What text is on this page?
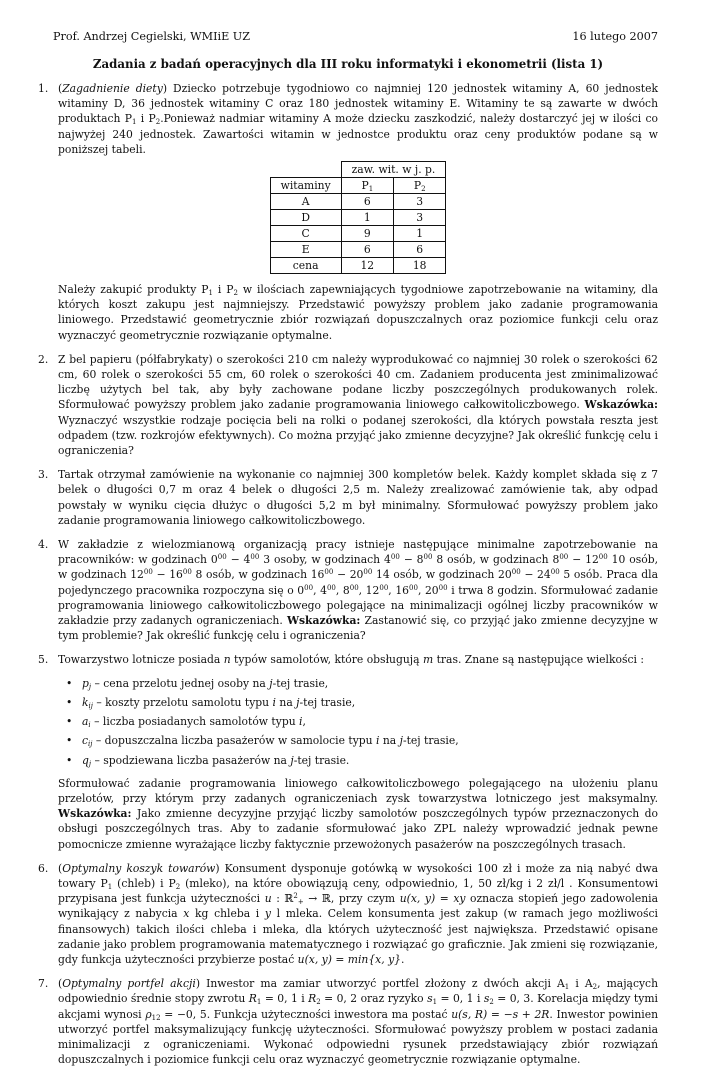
Prof. Andrzej Cegielski, WMIiE UZ	16 lutego 2007
Zadania z badań operacyjnych dla III roku informatyki i ekonometrii (lista 1)
1. (Zagadnienie diety) Dziecko potrzebuje tygodniowo co najmniej 120 jednostek witaminy A, 60 jednostek witaminy D, 36 jednostek witaminy C oraz 180 jednostek witaminy E. Witaminy te są zawarte w dwóch produktach $P_1$ i $P_2.Ponieważ$ nadmiar witaminy A może dziecku zaszkodzić, należy dostarczyć jej w ilości co najwyżej 240 jednostek. Zawartości witamin w jednostce produktu oraz ceny produktów podane są w poniższej tabeli.

	zaw. wit. w j. p.	
witaminy	$P_1$	$P_2$
A	6	3
D	1	3
C	9	1
E	6	6
cena	12	18

Należy zakupić produkty $P_1$ i $P_2$ w ilościach zapewniających tygodniowe zapotrzebowanie na witaminy, dla których koszt zakupu jest najmniejszy. Przedstawić powyższy problem jako zadanie programowania liniowego. Przedstawić geometrycznie zbiór rozwiązań dopuszczalnych oraz poziomice funkcji celu oraz wyznaczyć geometrycznie rozwiązanie optymalne.

2. Z bel papieru (półfabrykaty) o szerokości 210 cm należy wyprodukować co najmniej 30 rolek o szerokości 62 cm, 60 rolek o szerokości 55 cm, 60 rolek o szerokości 40 cm. Zadaniem producenta jest zminimalizować liczbę użytych bel tak, aby były zachowane podane liczby poszczególnych produkowanych rolek. Sformułować powyższy problem jako zadanie programowania liniowego całkowitoliczbowego. Wskazówka: Wyznaczyć wszystkie rodzaje pocięcia beli na rolki o podanej szerokości, dla których powstała reszta jest odpadem (tzw. rozkrojów efektywnych). Co można przyjąć jako zmienne decyzyjne? Jak określić funkcję celu i ograniczenia?

3. Tartak otrzymał zamówienie na wykonanie co najmniej 300 kompletów belek. Każdy komplet składa się z 7 belek o długości 0,7 m oraz 4 belek o długości 2,5 m. Należy zrealizować zamówienie tak, aby odpad powstały w wyniku cięcia dłużyc o długości 5,2 m był minimalny. Sformułować powyższy problem jako zadanie programowania liniowego całkowitoliczbowego.

4. W zakładzie z wielozmianową organizacją pracy istnieje następujące minimalne zapotrzebowanie na pracowników: w godzinach $0^{00} - 4^{00}$ 3 osoby, w godzinach $4^{00} - 8^{00}$ 8 osób, w godzinach $8^{00} - 12^{00}$ 10 osób, w godzinach $12^{00} - 16^{00}$ 8 osób, w godzinach $16^{00} - 20^{00}$ 14 osób, w godzinach $20^{00} - 24^{00}$ 5 osób. Praca dla pojedynczego pracownika rozpoczyna się o $0^{00}$, $4^{00}$, $8^{00}$, $12^{00}$, $16^{00}$, $20^{00}$ i trwa 8 godzin. Sformułować zadanie programowania liniowego całkowitoliczbowego polegające na minimalizacji ogólnej liczby pracowników w zakładzie przy zadanych ograniczeniach. Wskazówka: Zastanowić się, co przyjąć jako zmienne decyzyjne w tym problemie? Jak określić funkcję celu i ograniczenia?

5. Towarzystwo lotnicze posiada n typów samolotów, które obsługują m tras. Znane są następujące wielkości :

• $p_j$ – cena przelotu jednej osoby na j-tej trasie,
• $k_{ij}$ – koszty przelotu samolotu typu i na j-tej trasie,
• $a_i$ – liczba posiadanych samolotów typu i,
• $c_{ij}$ – dopuszczalna liczba pasażerów w samolocie typu i na j-tej trasie,
• $q_j$ – spodziewana liczba pasażerów na j-tej trasie.

Sformułować zadanie programowania liniowego całkowitoliczbowego polegającego na ułożeniu planu przelotów, przy którym przy zadanych ograniczeniach zysk towarzystwa lotniczego jest maksymalny. Wskazówka: Jako zmienne decyzyjne przyjąć liczby samolotów poszczególnych typów przeznaczonych do obsługi poszczególnych tras. Aby to zadanie sformułować jako ZPL należy wprowadzić jednak pewne pomocnicze zmienne wyrażające liczby faktycznie przewożonych pasażerów na poszczególnych trasach.

6. (Optymalny koszyk towarów) Konsument dysponuje gotówką w wysokości 100 zł i może za nią nabyć dwa towary $P_1$ (chleb) i $P_2$ (mleko), na które obowiązują ceny, odpowiednio, 1, 50 zł/kg i 2 zł/l . Konsumentowi przypisana jest funkcja użyteczności u : ℝ$^2_+$ → ℝ, przy czym u(x, y) = xy oznacza stopień jego zadowolenia wynikający z nabycia x kg chleba i y l mleka. Celem konsumenta jest zakup (w ramach jego możliwości finansowych) takich ilości chleba i mleka, dla których użyteczność jest największa. Przedstawić opisane zadanie jako problem programowania matematycznego i rozwiązać go graficznie. Jak zmieni się rozwiązanie, gdy funkcja użyteczności przybierze postać u(x, y) = min{x, y}.

7. (Optymalny portfel akcji) Inwestor ma zamiar utworzyć portfel złożony z dwóch akcji $A_1$ i $A_2$, mających odpowiednio średnie stopy zwrotu $R_1 = 0$, 1 i $R_2 = 0$, 2 oraz ryzyko $s_1 = 0$, 1 i $s_2 = 0$, 3. Korelacja między tymi akcjami wynosi $\rho_{12} = -0$, 5. Funkcja użyteczności inwestora ma postać u(s, R) = −s + 2R. Inwestor powinien utworzyć portfel maksymalizujący funkcję użyteczności. Sformułować powyższy problem w postaci zadania minimalizacji z ograniczeniami. Wykonać odpowiedni rysunek przedstawiający zbiór rozwiązań dopuszczalnych i poziomice funkcji celu oraz wyznaczyć geometrycznie rozwiązanie optymalne.
